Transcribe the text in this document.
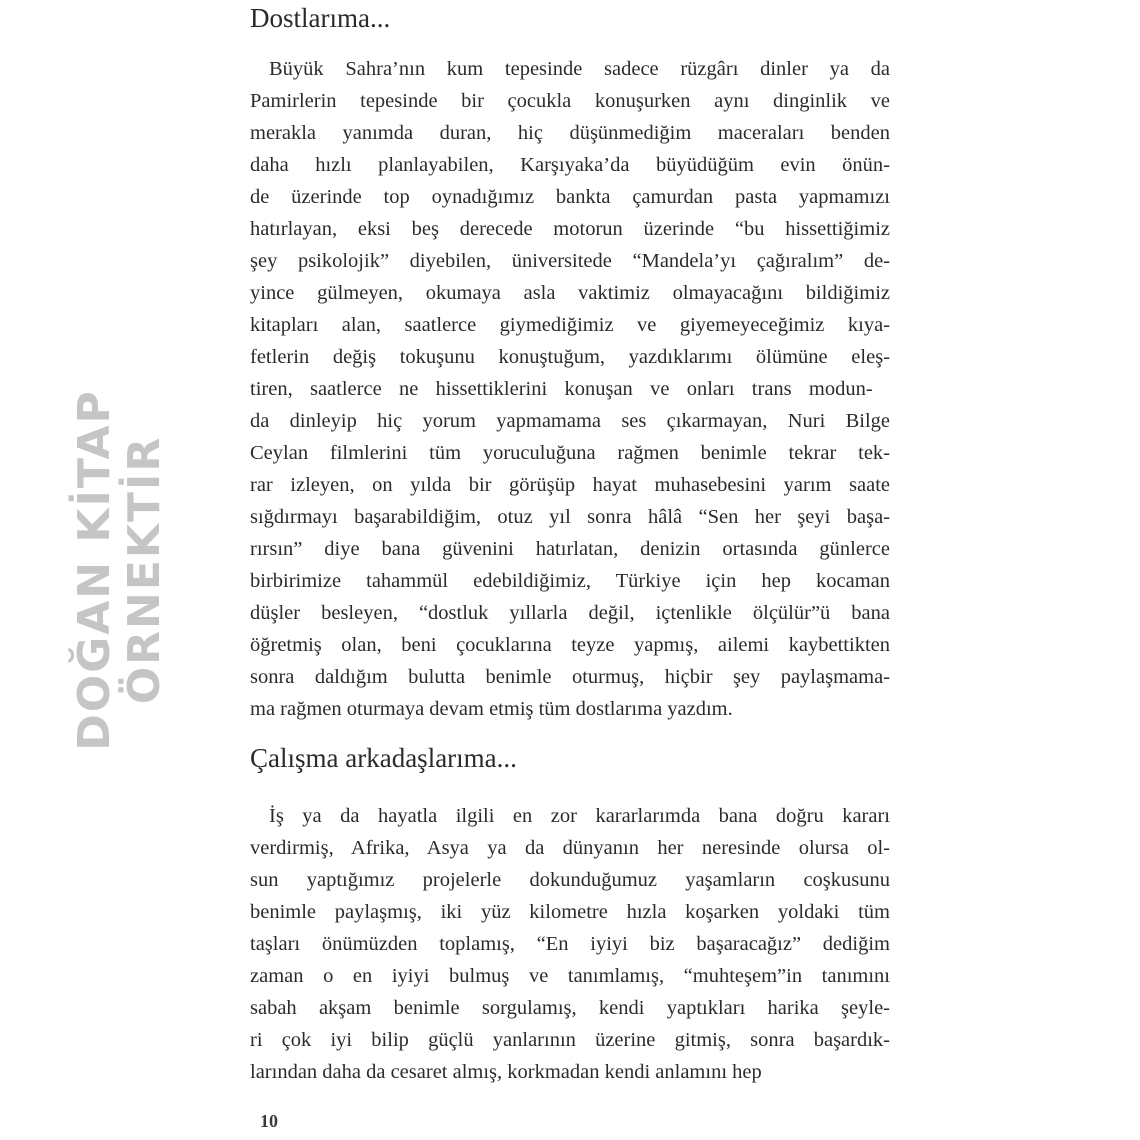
Dostlarıma...
Büyük Sahra’nın kum tepesinde sadece rüzgârı dinler ya da
Pamirlerin tepesinde bir çocukla konuşurken aynı dinginlik ve
merakla yanımda duran, hiç düşünmediğim maceraları benden
daha hızlı planlayabilen, Karşıyaka’da büyüdüğüm evin önün-
de üzerinde top oynadığımız bankta çamurdan pasta yapmamızı
hatırlayan, eksi beş derecede motorun üzerinde “bu hissettiğimiz
şey psikolojik” diyebilen, üniversitede “Mandela’yı çağıralım” de-
yince gülmeyen, okumaya asla vaktimiz olmayacağını bildiğimiz
kitapları alan, saatlerce giymediğimiz ve giyemeyeceğimiz kıya-
fetlerin değiş tokuşunu konuştuğum, yazdıklarımı ölümüne eleş-
tiren, saatlerce ne hissettiklerini konuşan ve onları trans modun-
da dinleyip hiç yorum yapmamama ses çıkarmayan, Nuri Bilge
Ceylan filmlerini tüm yoruculuğuna rağmen benimle tekrar tek-
rar izleyen, on yılda bir görüşüp hayat muhasebesini yarım saate
sığdırmayı başarabildiğim, otuz yıl sonra hâlâ “Sen her şeyi başa-
rırsın” diye bana güvenini hatırlatan, denizin ortasında günlerce
birbirimize tahammül edebildiğimiz, Türkiye için hep kocaman
düşler besleyen, “dostluk yıllarla değil, içtenlikle ölçülür”ü bana
öğretmiş olan, beni çocuklarına teyze yapmış, ailemi kaybettikten
sonra daldığım bulutta benimle oturmuş, hiçbir şey paylaşmama-
ma rağmen oturmaya devam etmiş tüm dostlarıma yazdım.
Çalışma arkadaşlarıma...
İş ya da hayatla ilgili en zor kararlarımda bana doğru kararı
verdirmiş, Afrika, Asya ya da dünyanın her neresinde olursa ol-
sun yaptığımız projelerle dokunduğumuz yaşamların coşkusunu
benimle paylaşmış, iki yüz kilometre hızla koşarken yoldaki tüm
taşları önümüzden toplamış, “En iyiyi biz başaracağız” dediğim
zaman o en iyiyi bulmuş ve tanımlamış, “muhteşem”in tanımını
sabah akşam benimle sorgulamış, kendi yaptıkları harika şeyle-
ri çok iyi bilip güçlü yanlarının üzerine gitmiş, sonra başardık-
larından daha da cesaret almış, korkmadan kendi anlamını hep
10
DOĞAN KİTAP ÖRNEKTİR
